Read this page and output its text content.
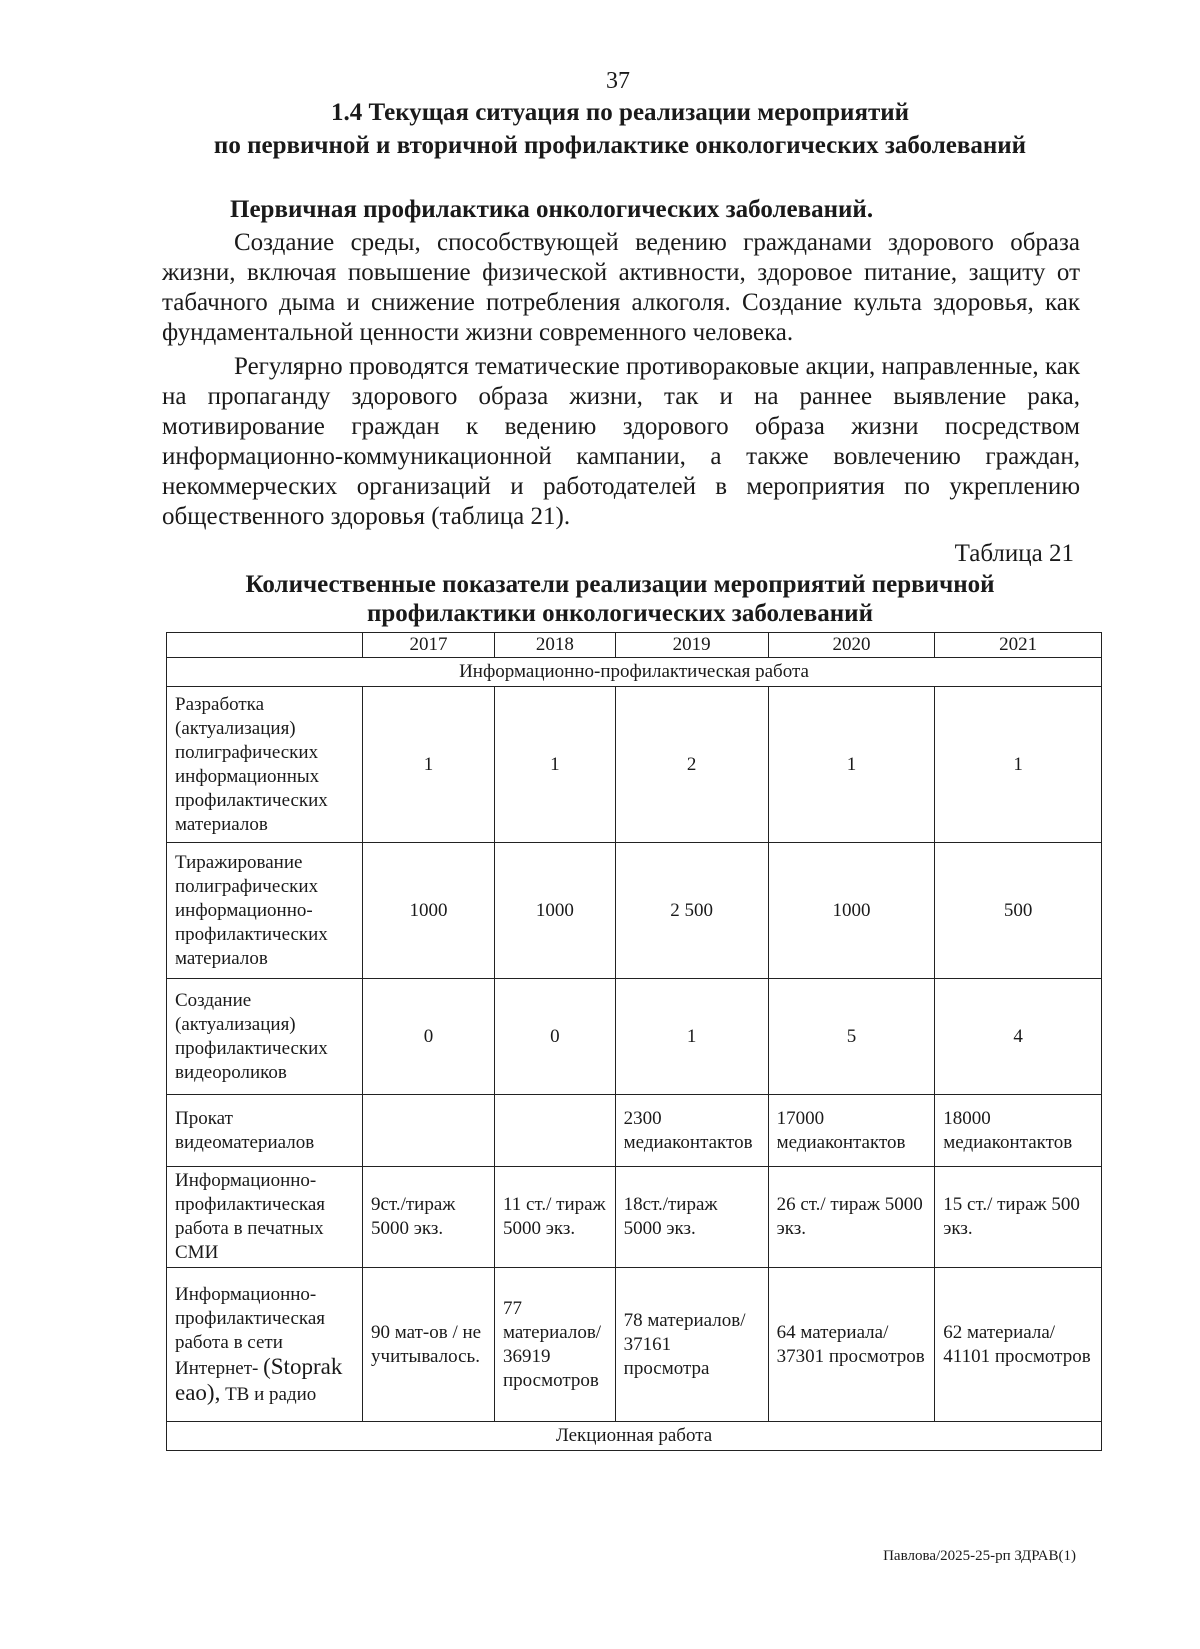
37
1.4 Текущая ситуация по реализации мероприятий
по первичной и вторичной профилактике онкологических заболеваний
Первичная профилактика онкологических заболеваний.

Создание среды, способствующей ведению гражданами здорового образа жизни, включая повышение физической активности, здоровое питание, защиту от табачного дыма и снижение потребления алкоголя. Создание культа здоровья, как фундаментальной ценности жизни современного человека.

Регулярно проводятся тематические противораковые акции, направленные, как на пропаганду здорового образа жизни, так и на раннее выявление рака, мотивирование граждан к ведению здорового образа жизни посредством информационно-коммуникационной кампании, а также вовлечению граждан, некоммерческих организаций и работодателей в мероприятия по укреплению общественного здоровья (таблица 21).

Таблица 21
Количественные показатели реализации мероприятий первичной
профилактики онкологических заболеваний
	2017	2018	2019	2020	2021
Информационно-профилактическая работа					
Разработка (актуализация) полиграфических информационных профилактических материалов	1	1	2	1	1
Тиражирование полиграфических информационно-профилактических материалов	1000	1000	2 500	1000	500
Создание (актуализация) профилактических видеороликов	0	0	1	5	4
Прокат видеоматериалов			2300 медиаконтактов	17000 медиаконтактов	18000 медиаконтактов
Информационно-профилактическая работа в печатных СМИ	9ст./тираж 5000 экз.	11 ст./ тираж 5000 экз.	18ст./тираж 5000 экз.	26 ст./ тираж 5000 экз.	15 ст./ тираж 500 экз.
Информационно-профилактическая работа в сети Интернет- (Stoprak eao), ТВ и радио	90 мат-ов / не учитывалось.	77 материалов/ 36919 просмотров	78 материалов/ 37161 просмотра	64 материала/ 37301 просмотров	62 материала/ 41101 просмотров
Лекционная работа					
Павлова/2025-25-рп ЗДРАВ(1)
